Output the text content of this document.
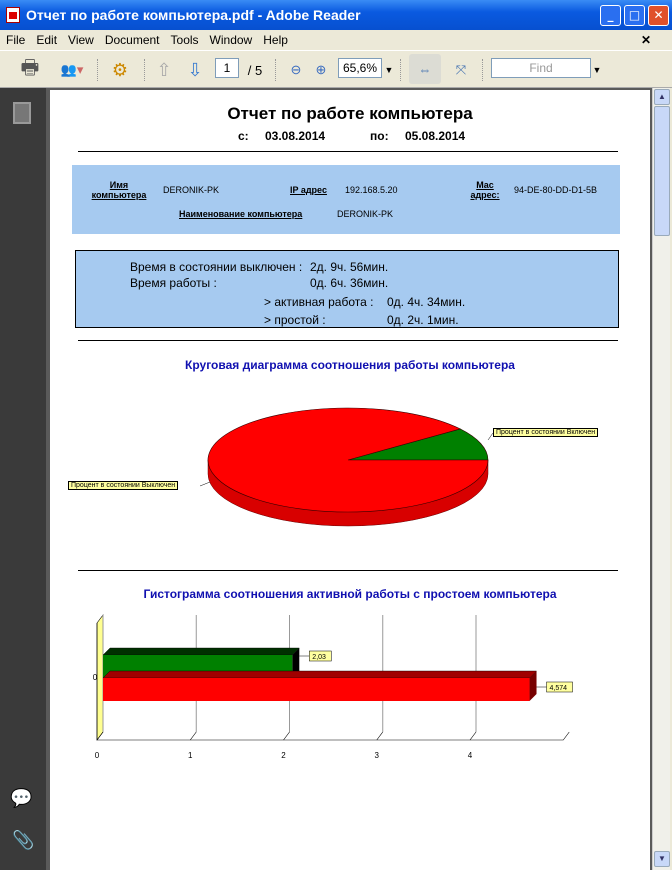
Отчет по работе компьютера.pdf - Adobe Reader	_	□	✕
File Edit View Document Tools Window Help	✕
🖶	👥▾	⚙	⇧ ⇩	1	/ 5 ⊖ ⊕	65,6% ▼	⇔	⤧	Find	▼
💬
📎
Отчет по работе компьютера
с: 03.08.2014	по: 05.08.2014
Имя компьютера	DERONIK-PK	IP адрес 192.168.5.20	Mac адрес:	94-DE-80-DD-D1-5B
Наименование компьютера	DERONIK-PK
Время в состоянии выключен : 2д. 9ч. 56мин.
Время работы :	0д. 6ч. 36мин.
> активная работа : 0д. 4ч. 34мин.
> простой :	0д. 2ч. 1мин.
Круговая диаграмма соотношения работы компьютера
Гистограмма соотношения активной работы с простоем компьютера
0	1	2	3	4
0
2,03
4,574
Процент в состоянии Включен
Процент в состоянии Выключен
▲
▼
